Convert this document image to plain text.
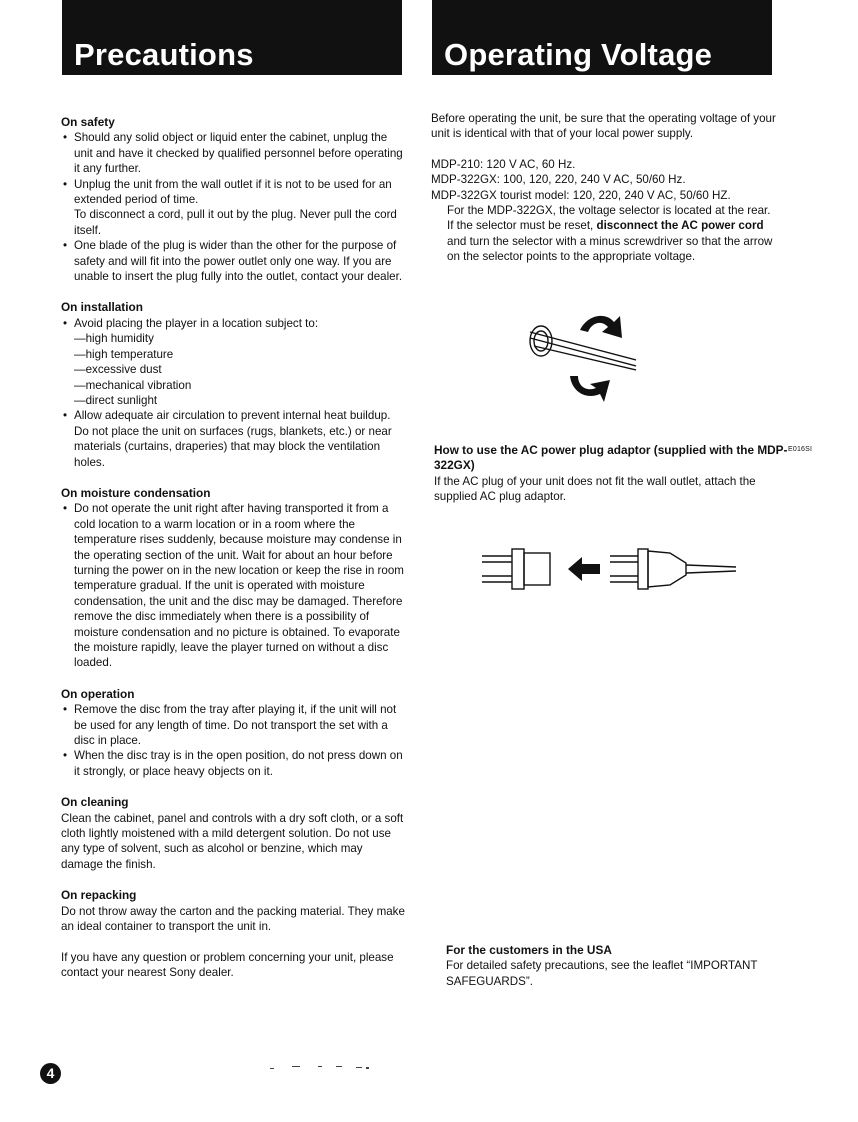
Precautions	Operating Voltage
On safety
• Should any solid object or liquid enter the cabinet, unplug the unit and have it checked by qualified personnel before operating it any further.
• Unplug the unit from the wall outlet if it is not to be used for an extended period of time.
To disconnect a cord, pull it out by the plug. Never pull the cord itself.
• One blade of the plug is wider than the other for the purpose of safety and will fit into the power outlet only one way. If you are unable to insert the plug fully into the outlet, contact your dealer.
On installation
• Avoid placing the player in a location subject to:
—high humidity
—high temperature
—excessive dust
—mechanical vibration
—direct sunlight
• Allow adequate air circulation to prevent internal heat buildup. Do not place the unit on surfaces (rugs, blankets, etc.) or near materials (curtains, draperies) that may block the ventilation holes.
On moisture condensation
• Do not operate the unit right after having transported it from a cold location to a warm location or in a room where the temperature rises suddenly, because moisture may condense in the operating section of the unit. Wait for about an hour before turning the power on in the new location or keep the rise in room temperature gradual. If the unit is operated with moisture condensation, the unit and the disc may be damaged. Therefore remove the disc immediately when there is a possibility of moisture condensation and no picture is obtained. To evaporate the moisture rapidly, leave the player turned on without a disc loaded.
On operation
• Remove the disc from the tray after playing it, if the unit will not be used for any length of time. Do not transport the set with a disc in place.
• When the disc tray is in the open position, do not press down on it strongly, or place heavy objects on it.
On cleaning

Clean the cabinet, panel and controls with a dry soft cloth, or a soft cloth lightly moistened with a mild detergent solution. Do not use any type of solvent, such as alcohol or benzine, which may damage the finish.

On repacking

Do not throw away the carton and the packing material. They make an ideal container to transport the unit in.

If you have any question or problem concerning your unit, please contact your nearest Sony dealer.

Before operating the unit, be sure that the operating voltage of your unit is identical with that of your local power supply.

MDP-210: 120 V AC, 60 Hz.

MDP-322GX: 100, 120, 220, 240 V AC, 50/60 Hz.

MDP-322GX tourist model: 120, 220, 240 V AC, 50/60 HZ.

For the MDP-322GX, the voltage selector is located at the rear.

If the selector must be reset, disconnect the AC power cord and turn the selector with a minus screwdriver so that the arrow on the selector points to the appropriate voltage.

How to use the AC power plug adaptor (supplied with the MDP-322GX)
E016SI
If the AC plug of your unit does not fit the wall outlet, attach the supplied AC plug adaptor.
For the customers in the USA

For detailed safety precautions, see the leaflet “IMPORTANT SAFEGUARDS”.

4
